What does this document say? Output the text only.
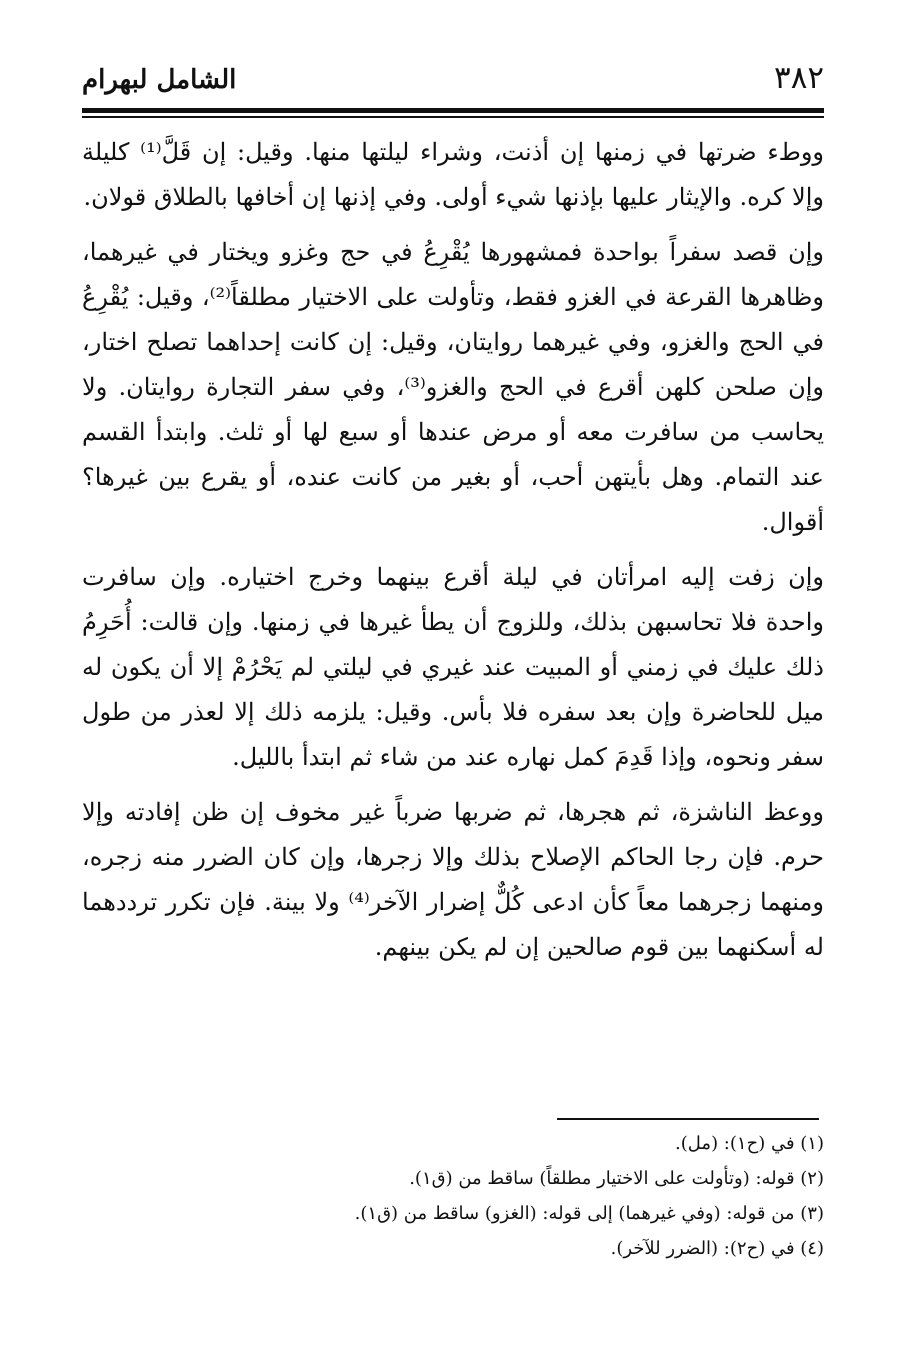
٣٨٢
الشامل لبهرام

ووطء ضرتها في زمنها إن أذنت، وشراء ليلتها منها. وقيل: إن قَلَّ⁽¹⁾ كليلة وإلا كره. والإيثار عليها بإذنها شيء أولى. وفي إذنها إن أخافها بالطلاق قولان.

وإن قصد سفراً بواحدة فمشهورها يُقْرِعُ في حج وغزو ويختار في غيرهما، وظاهرها القرعة في الغزو فقط، وتأولت على الاختيار مطلقاً⁽²⁾، وقيل: يُقْرِعُ في الحج والغزو، وفي غيرهما روايتان، وقيل: إن كانت إحداهما تصلح اختار، وإن صلحن كلهن أقرع في الحج والغزو⁽³⁾، وفي سفر التجارة روايتان. ولا يحاسب من سافرت معه أو مرض عندها أو سبع لها أو ثلث. وابتدأ القسم عند التمام. وهل بأيتهن أحب، أو بغير من كانت عنده، أو يقرع بين غيرها؟ أقوال.

وإن زفت إليه امرأتان في ليلة أقرع بينهما وخرج اختياره. وإن سافرت واحدة فلا تحاسبهن بذلك، وللزوج أن يطأ غيرها في زمنها. وإن قالت: أُحَرِمُ ذلك عليك في زمني أو المبيت عند غيري في ليلتي لم يَحْرُمْ إلا أن يكون له ميل للحاضرة وإن بعد سفره فلا بأس. وقيل: يلزمه ذلك إلا لعذر من طول سفر ونحوه، وإذا قَدِمَ كمل نهاره عند من شاء ثم ابتدأ بالليل.

ووعظ الناشزة، ثم هجرها، ثم ضربها ضرباً غير مخوف إن ظن إفادته وإلا حرم. فإن رجا الحاكم الإصلاح بذلك وإلا زجرها، وإن كان الضرر منه زجره، ومنهما زجرهما معاً كأن ادعى كُلٌّ إضرار الآخر⁽⁴⁾ ولا بينة. فإن تكرر ترددهما له أسكنهما بين قوم صالحين إن لم يكن بينهم.

(١) في (ح١): (مل).

(٢) قوله: (وتأولت على الاختيار مطلقاً) ساقط من (ق١).

(٣) من قوله: (وفي غيرهما) إلى قوله: (الغزو) ساقط من (ق١).

(٤) في (ح٢): (الضرر للآخر).
